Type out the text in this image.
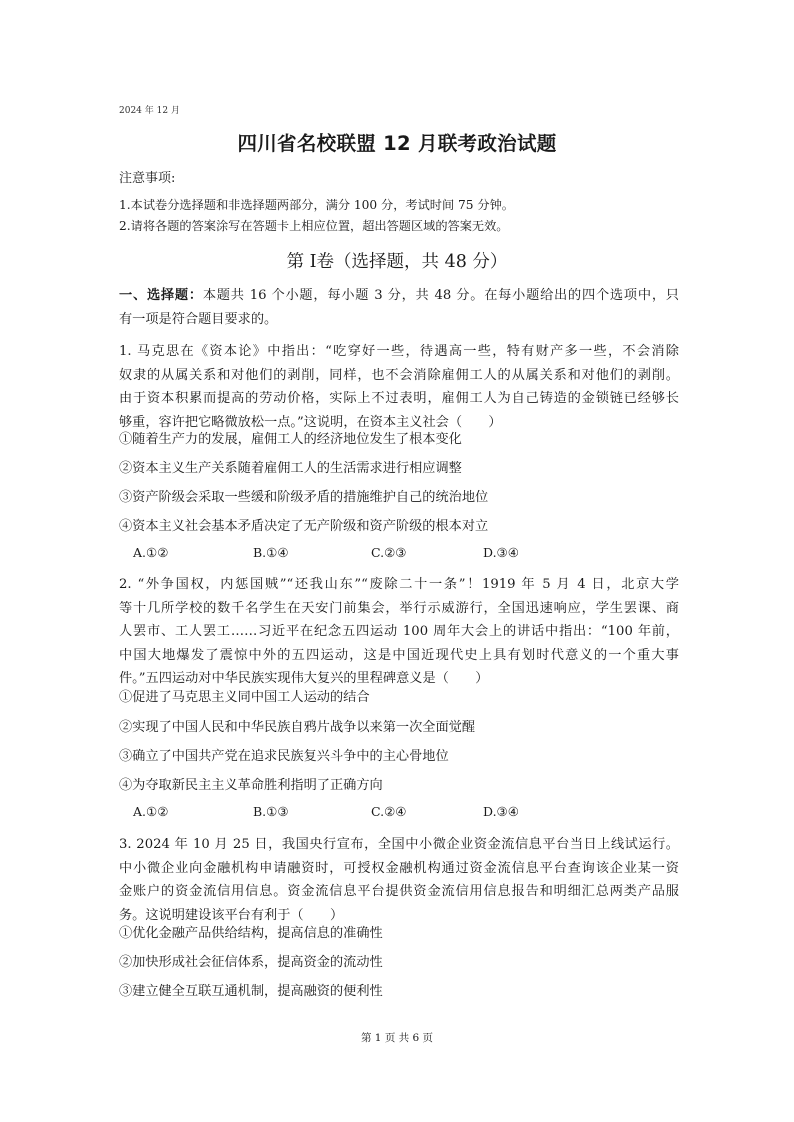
2024 年 12 月
四川省名校联盟 12 月联考政治试题
注意事项:
1.本试卷分选择题和非选择题两部分，满分 100 分，考试时间 75 分钟。
2.请将各题的答案涂写在答题卡上相应位置，超出答题区域的答案无效。
第 Ⅰ卷（选择题，共 48 分）
一、选择题：本题共 16 个小题，每小题 3 分，共 48 分。在每小题给出的四个选项中，只
有一项是符合题目要求的。
1. 马克思在《资本论》中指出：“吃穿好一些，待遇高一些，特有财产多一些，不会消除
奴隶的从属关系和对他们的剥削，同样，也不会消除雇佣工人的从属关系和对他们的剥削。
由于资本积累而提高的劳动价格，实际上不过表明，雇佣工人为自己铸造的金锁链已经够长
够重，容许把它略微放松一点。”这说明，在资本主义社会（　　）
①随着生产力的发展，雇佣工人的经济地位发生了根本变化
②资本主义生产关系随着雇佣工人的生活需求进行相应调整
③资产阶级会采取一些缓和阶级矛盾的措施维护自己的统治地位
④资本主义社会基本矛盾决定了无产阶级和资产阶级的根本对立
A.①②	B.①④	C.②③	D.③④
2. “外争国权，内惩国贼”“还我山东”“废除二十一条”！1919 年 5 月 4 日，北京大学
等十几所学校的数千名学生在天安门前集会，举行示威游行，全国迅速响应，学生罢课、商
人罢市、工人罢工……习近平在纪念五四运动 100 周年大会上的讲话中指出：“100 年前，
中国大地爆发了震惊中外的五四运动，这是中国近现代史上具有划时代意义的一个重大事
件。”五四运动对中华民族实现伟大复兴的里程碑意义是（　　）
①促进了马克思主义同中国工人运动的结合
②实现了中国人民和中华民族自鸦片战争以来第一次全面觉醒
③确立了中国共产党在追求民族复兴斗争中的主心骨地位
④为夺取新民主主义革命胜利指明了正确方向
A.①②	B.①③	C.②④	D.③④
3. 2024 年 10 月 25 日，我国央行宣布，全国中小微企业资金流信息平台当日上线试运行。
中小微企业向金融机构申请融资时，可授权金融机构通过资金流信息平台查询该企业某一资
金账户的资金流信用信息。资金流信息平台提供资金流信用信息报告和明细汇总两类产品服
务。这说明建设该平台有利于（　　）
①优化金融产品供给结构，提高信息的准确性
②加快形成社会征信体系，提高资金的流动性
③建立健全互联互通机制，提高融资的便利性
第 1 页 共 6 页
